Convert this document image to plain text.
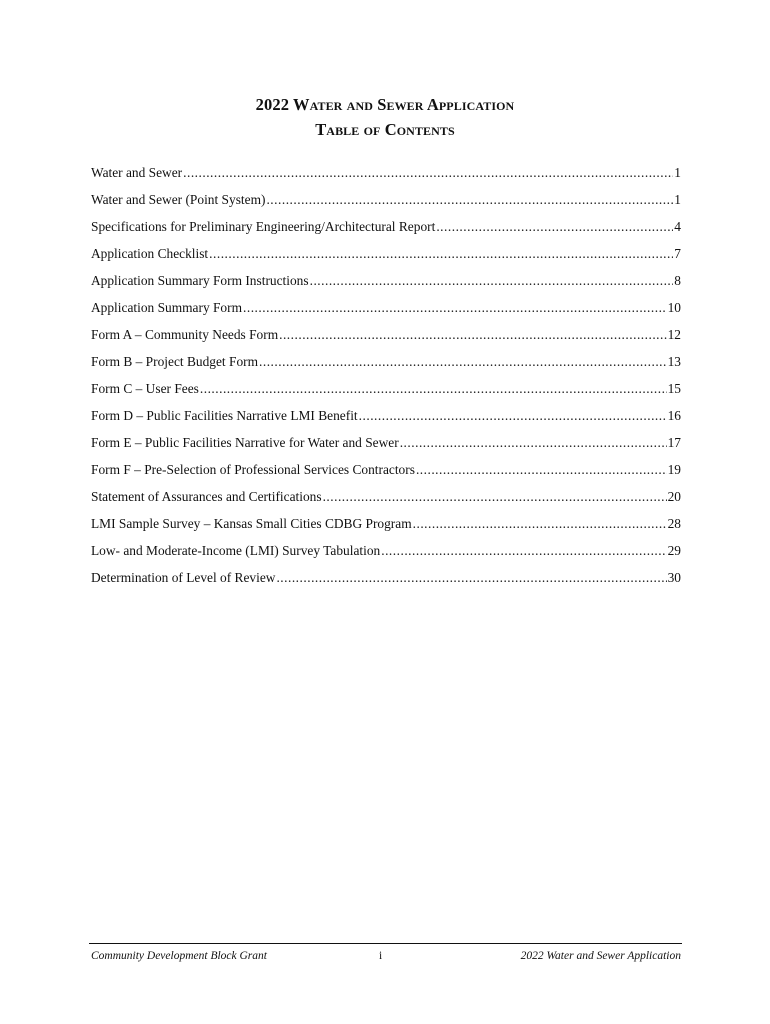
2022 Water and Sewer Application
Table of Contents
Water and Sewer .....	1
Water and Sewer (Point System) .....	1
Specifications for Preliminary Engineering/Architectural Report .....	4
Application Checklist .....	7
Application Summary Form Instructions .....	8
Application Summary Form .....	10
Form A – Community Needs Form .....	12
Form B – Project Budget Form .....	13
Form C – User Fees .....	15
Form D – Public Facilities Narrative LMI Benefit .....	16
Form E – Public Facilities Narrative for Water and Sewer .....	17
Form F – Pre-Selection of Professional Services Contractors .....	19
Statement of Assurances and Certifications .....	20
LMI Sample Survey – Kansas Small Cities CDBG Program .....	28
Low- and Moderate-Income (LMI) Survey Tabulation .....	29
Determination of Level of Review .....	30
Community Development Block Grant	i	2022 Water and Sewer Application
